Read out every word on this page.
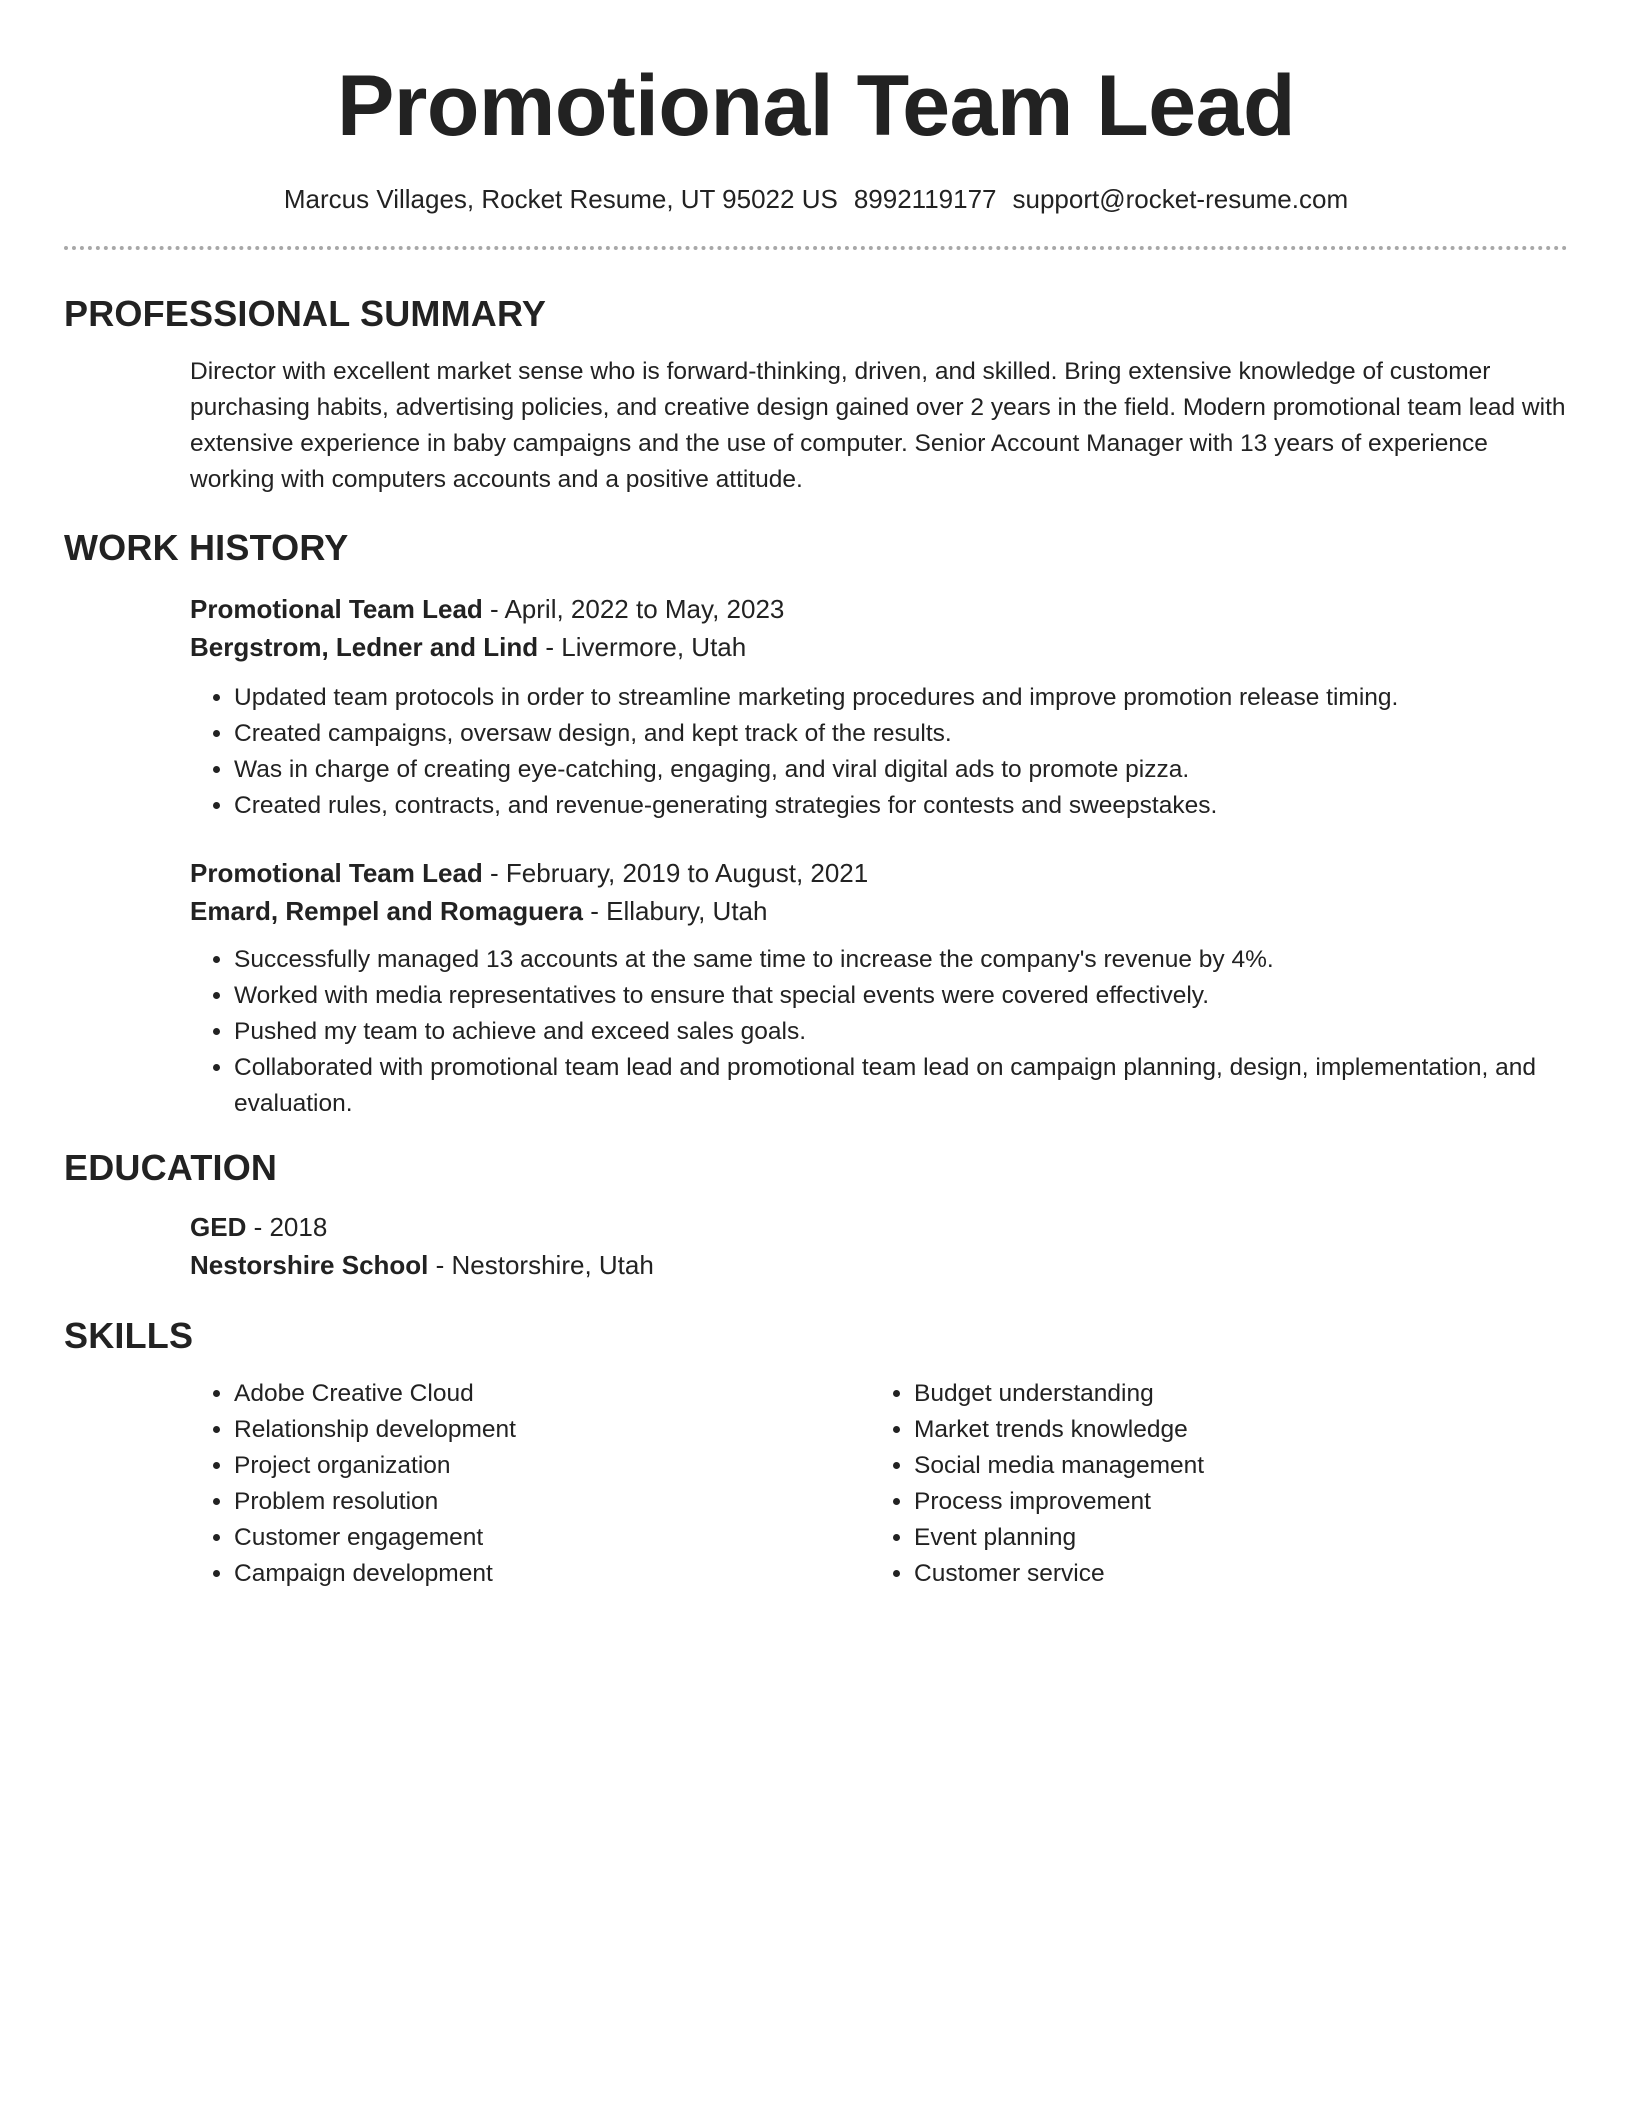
Promotional Team Lead
Marcus Villages, Rocket Resume, UT 95022 US 8992119177 support@rocket-resume.com
PROFESSIONAL SUMMARY

Director with excellent market sense who is forward-thinking, driven, and skilled. Bring extensive knowledge of customer purchasing habits, advertising policies, and creative design gained over 2 years in the field. Modern promotional team lead with extensive experience in baby campaigns and the use of computer. Senior Account Manager with 13 years of experience working with computers accounts and a positive attitude.

WORK HISTORY
Promotional Team Lead - April, 2022 to May, 2023
Bergstrom, Ledner and Lind - Livermore, Utah
• Updated team protocols in order to streamline marketing procedures and improve promotion release timing.
• Created campaigns, oversaw design, and kept track of the results.
• Was in charge of creating eye-catching, engaging, and viral digital ads to promote pizza.
• Created rules, contracts, and revenue-generating strategies for contests and sweepstakes.
Promotional Team Lead - February, 2019 to August, 2021
Emard, Rempel and Romaguera - Ellabury, Utah
• Successfully managed 13 accounts at the same time to increase the company's revenue by 4%.
• Worked with media representatives to ensure that special events were covered effectively.
• Pushed my team to achieve and exceed sales goals.
• Collaborated with promotional team lead and promotional team lead on campaign planning, design, implementation, and evaluation.
EDUCATION
GED - 2018
Nestorshire School - Nestorshire, Utah
SKILLS
• Adobe Creative Cloud
• Relationship development
• Project organization
• Problem resolution
• Customer engagement
• Campaign development
• Budget understanding
• Market trends knowledge
• Social media management
• Process improvement
• Event planning
• Customer service
